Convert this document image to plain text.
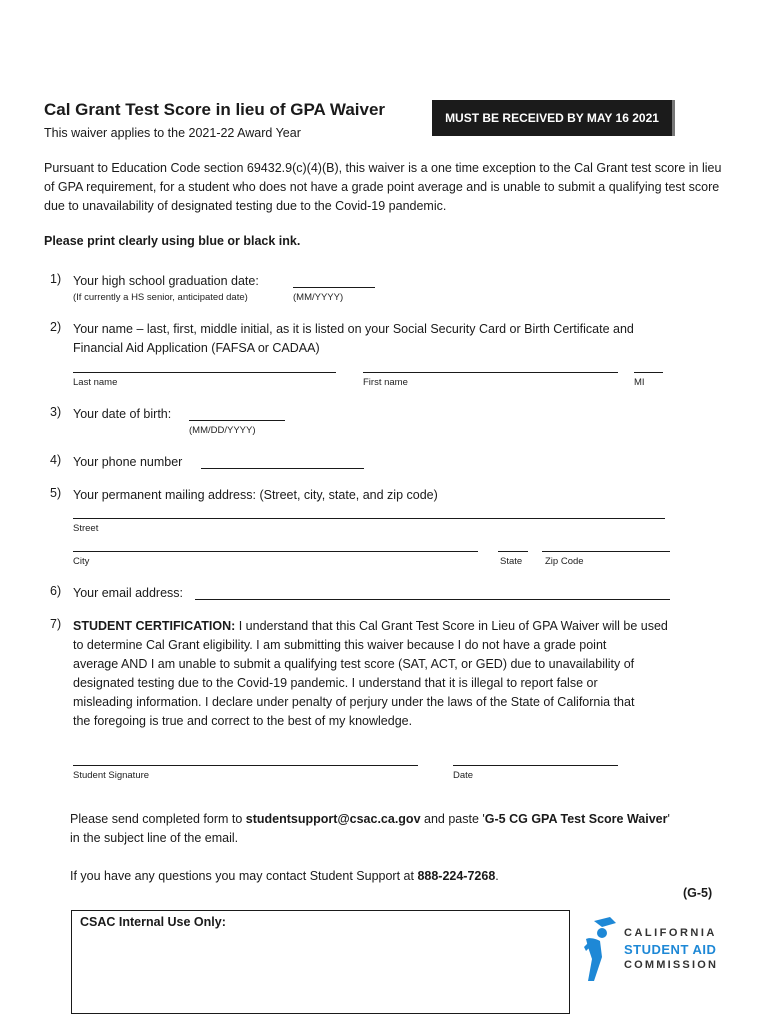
Cal Grant Test Score in lieu of GPA Waiver
This waiver applies to the 2021-22 Award Year
MUST BE RECEIVED BY MAY 16 2021
Pursuant to Education Code section 69432.9(c)(4)(B), this waiver is a one time exception to the Cal Grant test score in lieu of GPA requirement, for a student who does not have a grade point average and is unable to submit a qualifying test score due to unavailability of designated testing due to the Covid-19 pandemic.
Please print clearly using blue or black ink.
1) Your high school graduation date:
(If currently a HS senior, anticipated date)	(MM/YYYY)
2) Your name – last, first, middle initial, as it is listed on your Social Security Card or Birth Certificate and
Financial Aid Application (FAFSA or CADAA)
Last name	First name	MI
3) Your date of birth:
(MM/DD/YYYY)
4) Your phone number
5) Your permanent mailing address: (Street, city, state, and zip code)
Street
City	State Zip Code
6) Your email address:
7) STUDENT CERTIFICATION: I understand that this Cal Grant Test Score in Lieu of GPA Waiver will be used
to determine Cal Grant eligibility. I am submitting this waiver because I do not have a grade point
average AND I am unable to submit a qualifying test score (SAT, ACT, or GED) due to unavailability of
designated testing due to the Covid-19 pandemic. I understand that it is illegal to report false or
misleading information. I declare under penalty of perjury under the laws of the State of California that
the foregoing is true and correct to the best of my knowledge.
Student Signature	Date
Please send completed form to studentsupport@csac.ca.gov and paste 'G-5 CG GPA Test Score Waiver'
in the subject line of the email.
If you have any questions you may contact Student Support at 888-224-7268.
(G-5)
CSAC Internal Use Only:
CALIFORNIA
STUDENT AID
COMMISSION
